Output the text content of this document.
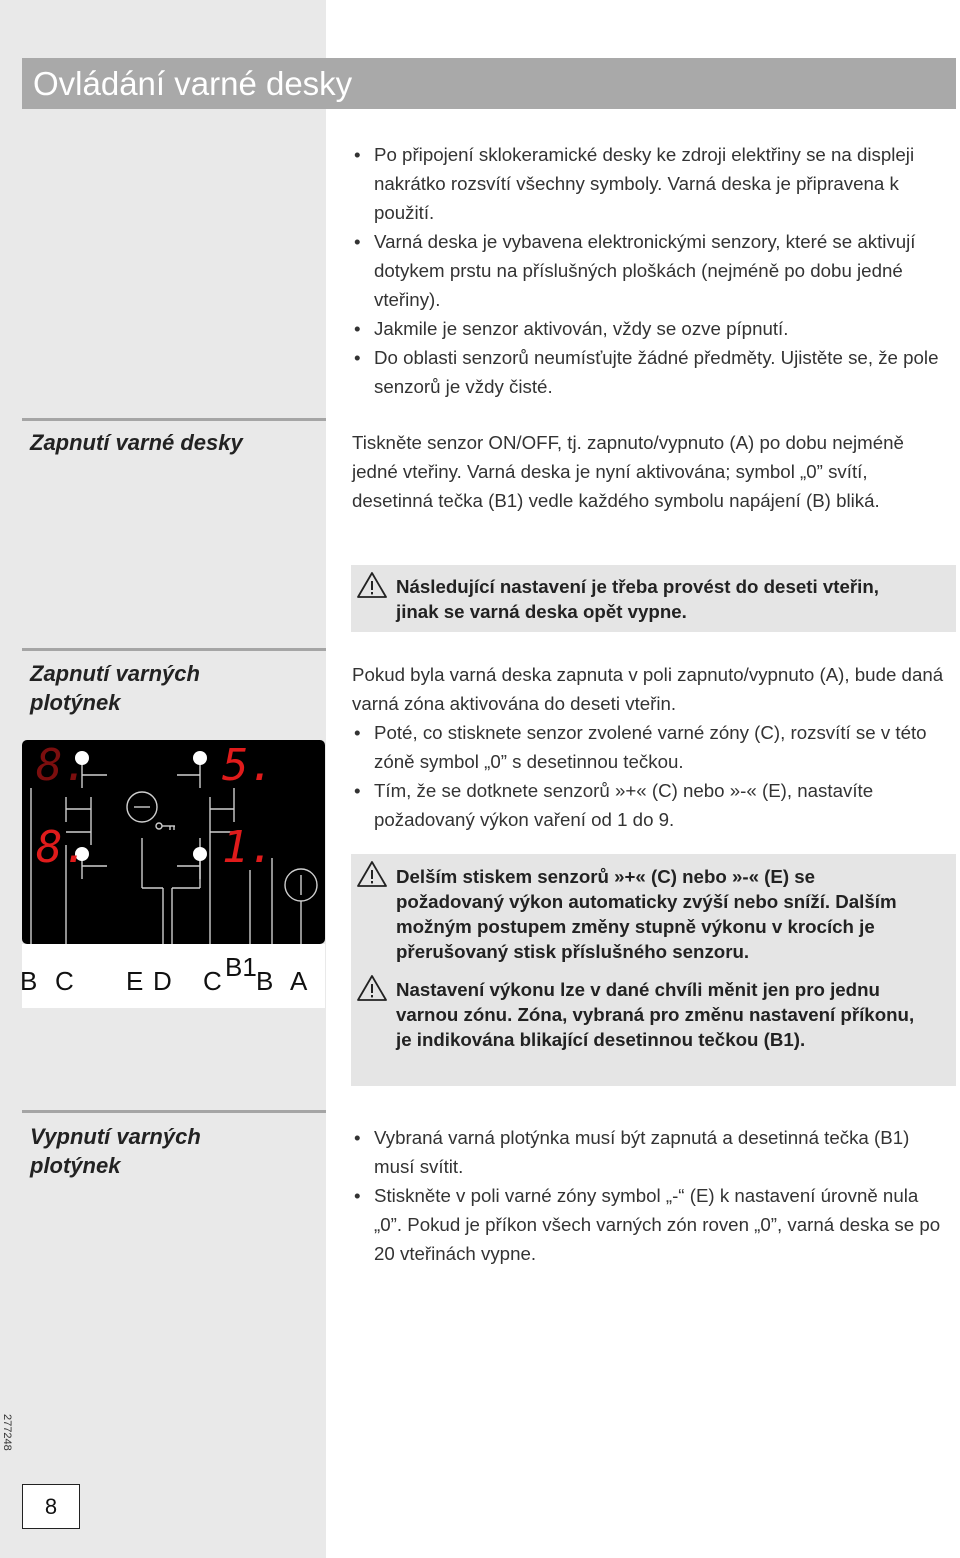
Ovládání varné desky
• Po připojení sklokeramické desky ke zdroji elektřiny se na displeji nakrátko rozsvítí všechny symboly. Varná deska je připravena k použití.
• Varná deska je vybavena elektronickými senzory, které se aktivují dotykem prstu na příslušných ploškách (nejméně po dobu jedné vteřiny).
• Jakmile je senzor aktivován, vždy se ozve pípnutí.
• Do oblasti senzorů neumísťujte žádné předměty. Ujistěte se, že pole senzorů je vždy čisté.

Zapnutí varné desky	Tiskněte senzor ON/OFF, tj. zapnuto/vypnuto (A) po dobu nejméně jedné vteřiny. Varná deska je nyní aktivována; symbol „0” svítí, desetinná tečka (B1) vedle každého symbolu napájení (B) bliká.

Následující nastavení je třeba provést do deseti vteřin, jinak se varná deska opět vypne.

Zapnutí varných
plotýnek

Pokud byla varná deska zapnuta v poli zapnuto/vypnuto (A), bude daná varná zóna aktivována do deseti vteřin.

• Poté, co stisknete senzor zvolené varné zóny (C), rozsvítí se v této zóně symbol „0” s desetinnou tečkou.
• Tím, že se dotknete senzorů »+« (C) nebo »-« (E), nastavíte požadovaný výkon vaření od 1 do 9.
8.	5.
8.	1.
B C E D C B1 B A
Delším stiskem senzorů »+« (C) nebo »-« (E) se požadovaný výkon automaticky zvýší nebo sníží. Dalším možným postupem změny stupně výkonu v krocích je přerušovaný stisk příslušného senzoru.
Nastavení výkonu lze v dané chvíli měnit jen pro jednu varnou zónu. Zóna, vybraná pro změnu nastavení příkonu, je indikována blikající desetinnou tečkou (B1).

Vypnutí varných
plotýnek

• Vybraná varná plotýnka musí být zapnutá a desetinná tečka (B1) musí svítit.
• Stiskněte v poli varné zóny symbol „-“ (E) k nastavení úrovně nula „0”. Pokud je příkon všech varných zón roven „0”, varná deska se po 20 vteřinách vypne.
277248
8
